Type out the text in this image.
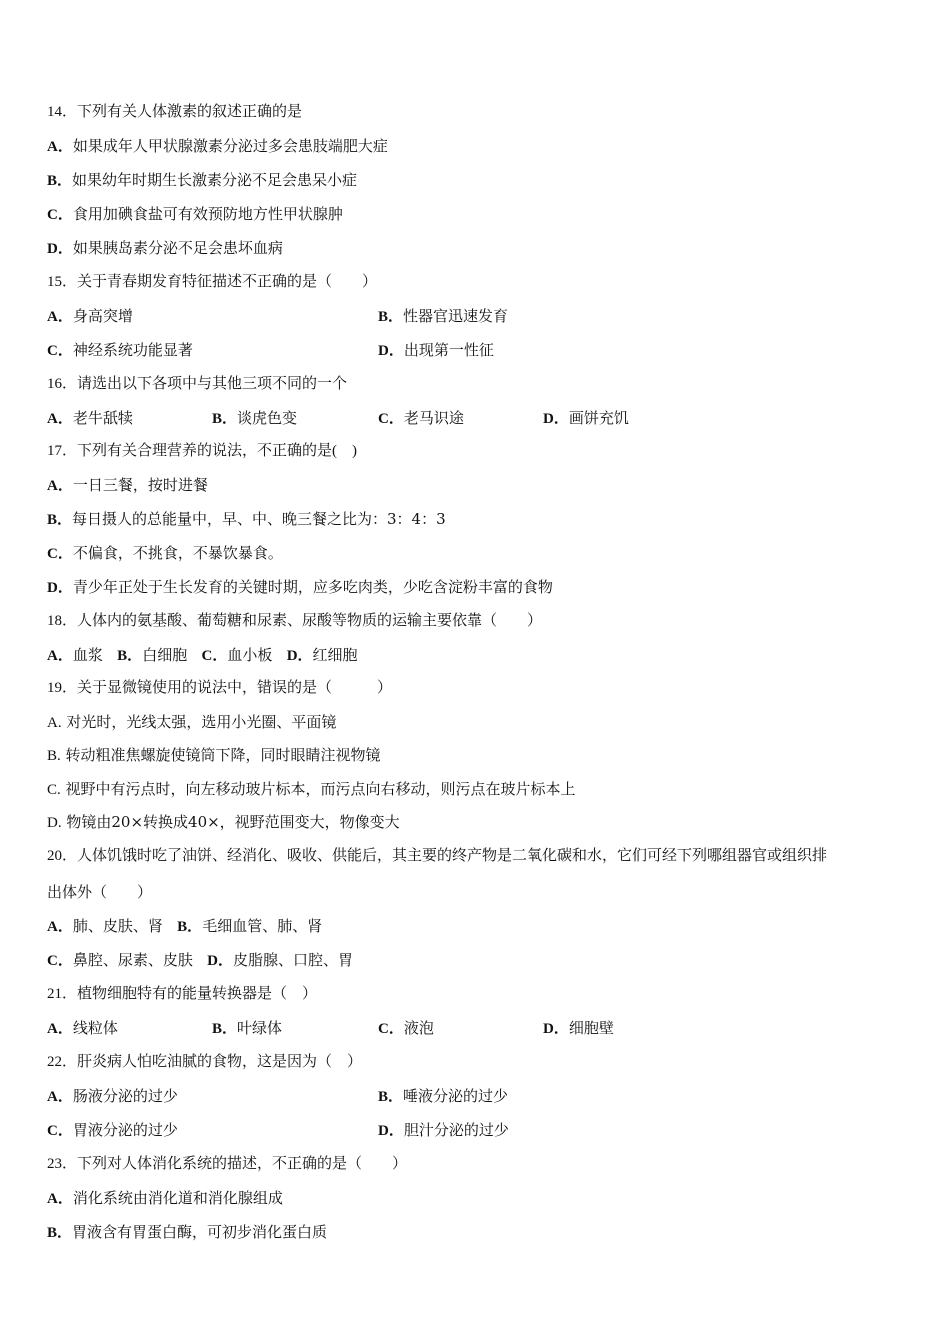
14．下列有关人体激素的叙述正确的是
A．如果成年人甲状腺激素分泌过多会患肢端肥大症
B．如果幼年时期生长激素分泌不足会患呆小症
C．食用加碘食盐可有效预防地方性甲状腺肿
D．如果胰岛素分泌不足会患坏血病
15．关于青春期发育特征描述不正确的是（　　）
A．身高突增	B．性器官迅速发育
C．神经系统功能显著	D．出现第一性征
16．请选出以下各项中与其他三项不同的一个
A．老牛舐犊	B．谈虎色变	C．老马识途	D．画饼充饥
17．下列有关合理营养的说法，不正确的是(　)
A．一日三餐，按时进餐
B．每日摄人的总能量中，早、中、晚三餐之比为：3：4：3
C．不偏食，不挑食，不暴饮暴食。
D．青少年正处于生长发育的关键时期，应多吃肉类，少吃含淀粉丰富的食物
18．人体内的氨基酸、葡萄糖和尿素、尿酸等物质的运输主要依靠（　　）
A．血浆 B．白细胞 C．血小板 D．红细胞
19．关于显微镜使用的说法中，错误的是（　　　）
A. 对光时，光线太强，选用小光圈、平面镜
B. 转动粗准焦螺旋使镜筒下降，同时眼睛注视物镜
C. 视野中有污点时，向左移动玻片标本，而污点向右移动，则污点在玻片标本上
D. 物镜由20×转换成40×，视野范围变大，物像变大
20．人体饥饿时吃了油饼、经消化、吸收、供能后，其主要的终产物是二氧化碳和水，它们可经下列哪组器官或组织排
出体外（　　）
A．肺、皮肤、肾 B．毛细血管、肺、肾
C．鼻腔、尿素、皮肤 D．皮脂腺、口腔、胃
21．植物细胞特有的能量转换器是（　）
A．线粒体	B．叶绿体	C．液泡	D．细胞壁
22．肝炎病人怕吃油腻的食物，这是因为（　）
A．肠液分泌的过少	B．唾液分泌的过少
C．胃液分泌的过少	D．胆汁分泌的过少
23．下列对人体消化系统的描述，不正确的是（　　）
A．消化系统由消化道和消化腺组成
B．胃液含有胃蛋白酶，可初步消化蛋白质
